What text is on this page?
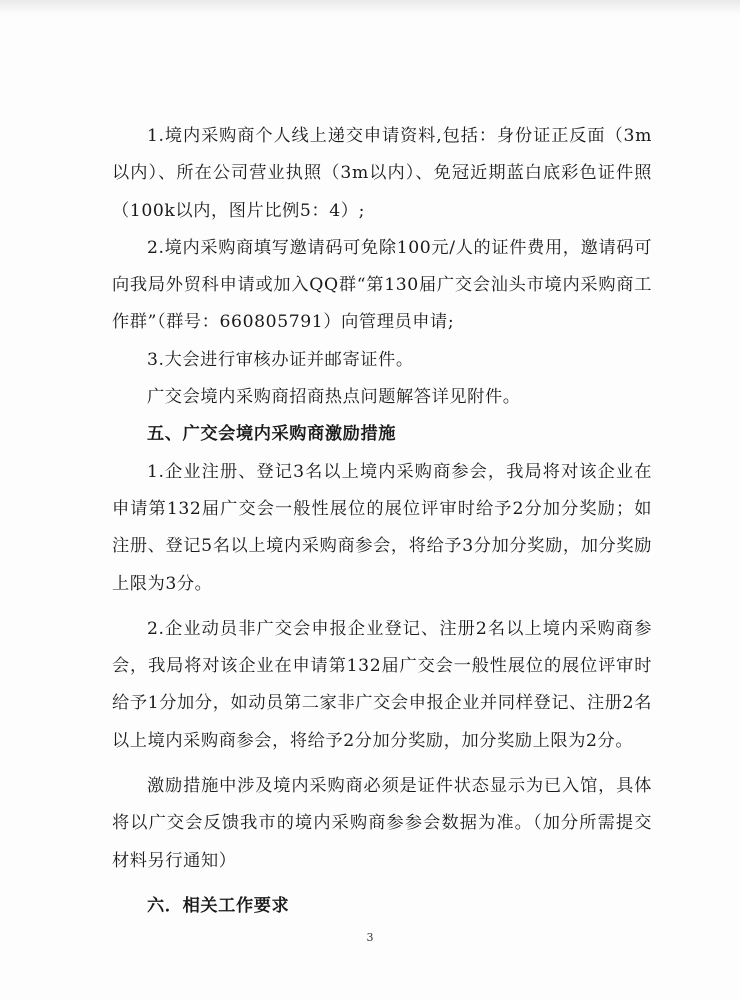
1.境内采购商个人线上递交申请资料,包括：身份证正反面（3m以内）、所在公司营业执照（3m以内）、免冠近期蓝白底彩色证件照（100k以内，图片比例5：4）;

2.境内采购商填写邀请码可免除100元/人的证件费用，邀请码可向我局外贸科申请或加入QQ群“第130届广交会汕头市境内采购商工作群”（群号：660805791）向管理员申请;

3.大会进行审核办证并邮寄证件。

广交会境内采购商招商热点问题解答详见附件。

五、广交会境内采购商激励措施

1.企业注册、登记3名以上境内采购商参会，我局将对该企业在申请第132届广交会一般性展位的展位评审时给予2分加分奖励；如注册、登记5名以上境内采购商参会，将给予3分加分奖励，加分奖励上限为3分。

2.企业动员非广交会申报企业登记、注册2名以上境内采购商参会，我局将对该企业在申请第132届广交会一般性展位的展位评审时给予1分加分，如动员第二家非广交会申报企业并同样登记、注册2名以上境内采购商参会，将给予2分加分奖励，加分奖励上限为2分。

激励措施中涉及境内采购商必须是证件状态显示为已入馆，具体将以广交会反馈我市的境内采购商参参会数据为准。（加分所需提交材料另行通知）

六．相关工作要求

3
